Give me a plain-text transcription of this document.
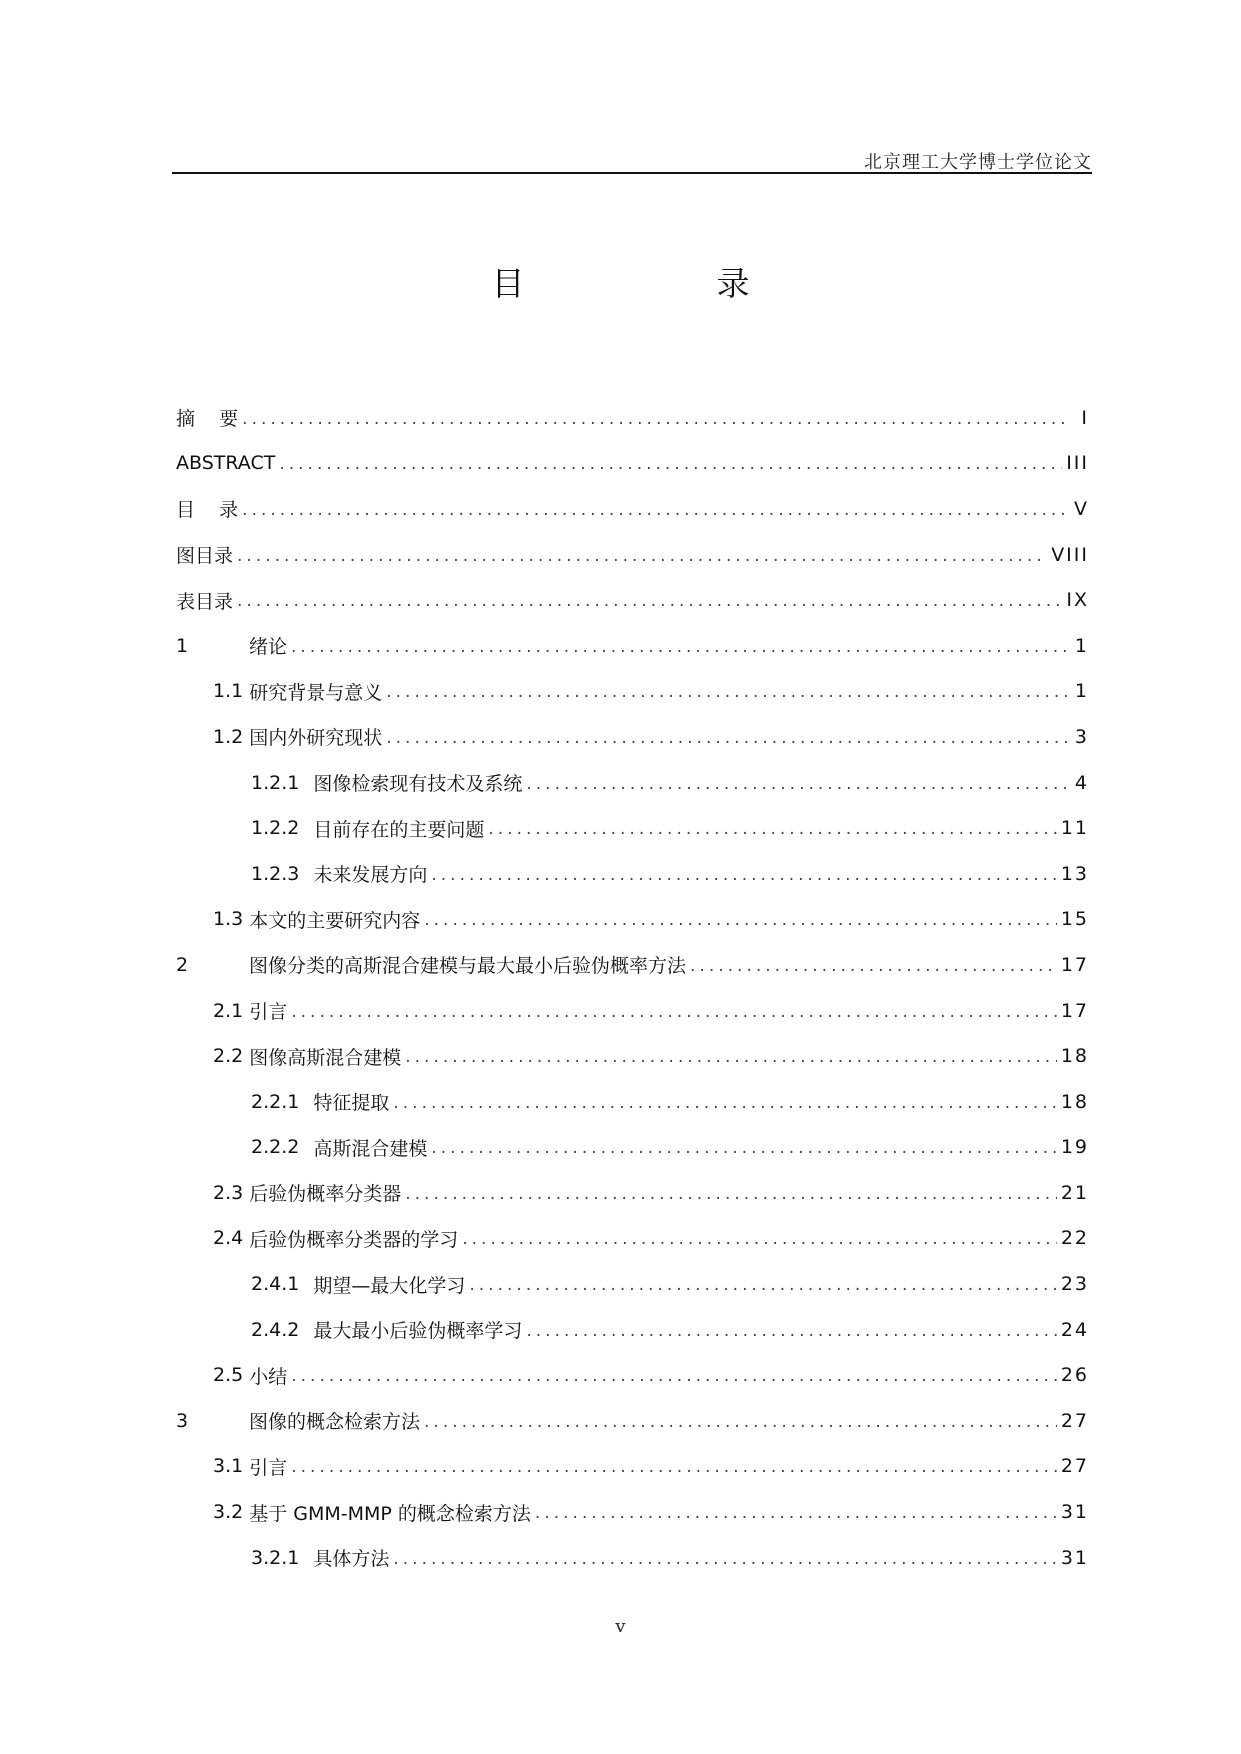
北京理工大学博士学位论文
目    录
摘    要 .....	I
ABSTRACT .....	III
目    录 .....	V
图目录 .....	VIII
表目录 .....	IX
1	绪论 .....	1
1.1 研究背景与意义 .....	1
1.2 国内外研究现状 .....	3
1.2.1 图像检索现有技术及系统 .....	4
1.2.2 目前存在的主要问题 .....	11
1.2.3 未来发展方向 .....	13
1.3 本文的主要研究内容 .....	15
2	图像分类的高斯混合建模与最大最小后验伪概率方法 .....	17
2.1 引言 .....	17
2.2 图像高斯混合建模 .....	18
2.2.1 特征提取 .....	18
2.2.2 高斯混合建模 .....	19
2.3 后验伪概率分类器 .....	21
2.4 后验伪概率分类器的学习 .....	22
2.4.1 期望—最大化学习 .....	23
2.4.2 最大最小后验伪概率学习 .....	24
2.5 小结 .....	26
3	图像的概念检索方法 .....	27
3.1 引言 .....	27
3.2 基于 GMM-MMP 的概念检索方法 .....	31
3.2.1 具体方法 .....	31
v
